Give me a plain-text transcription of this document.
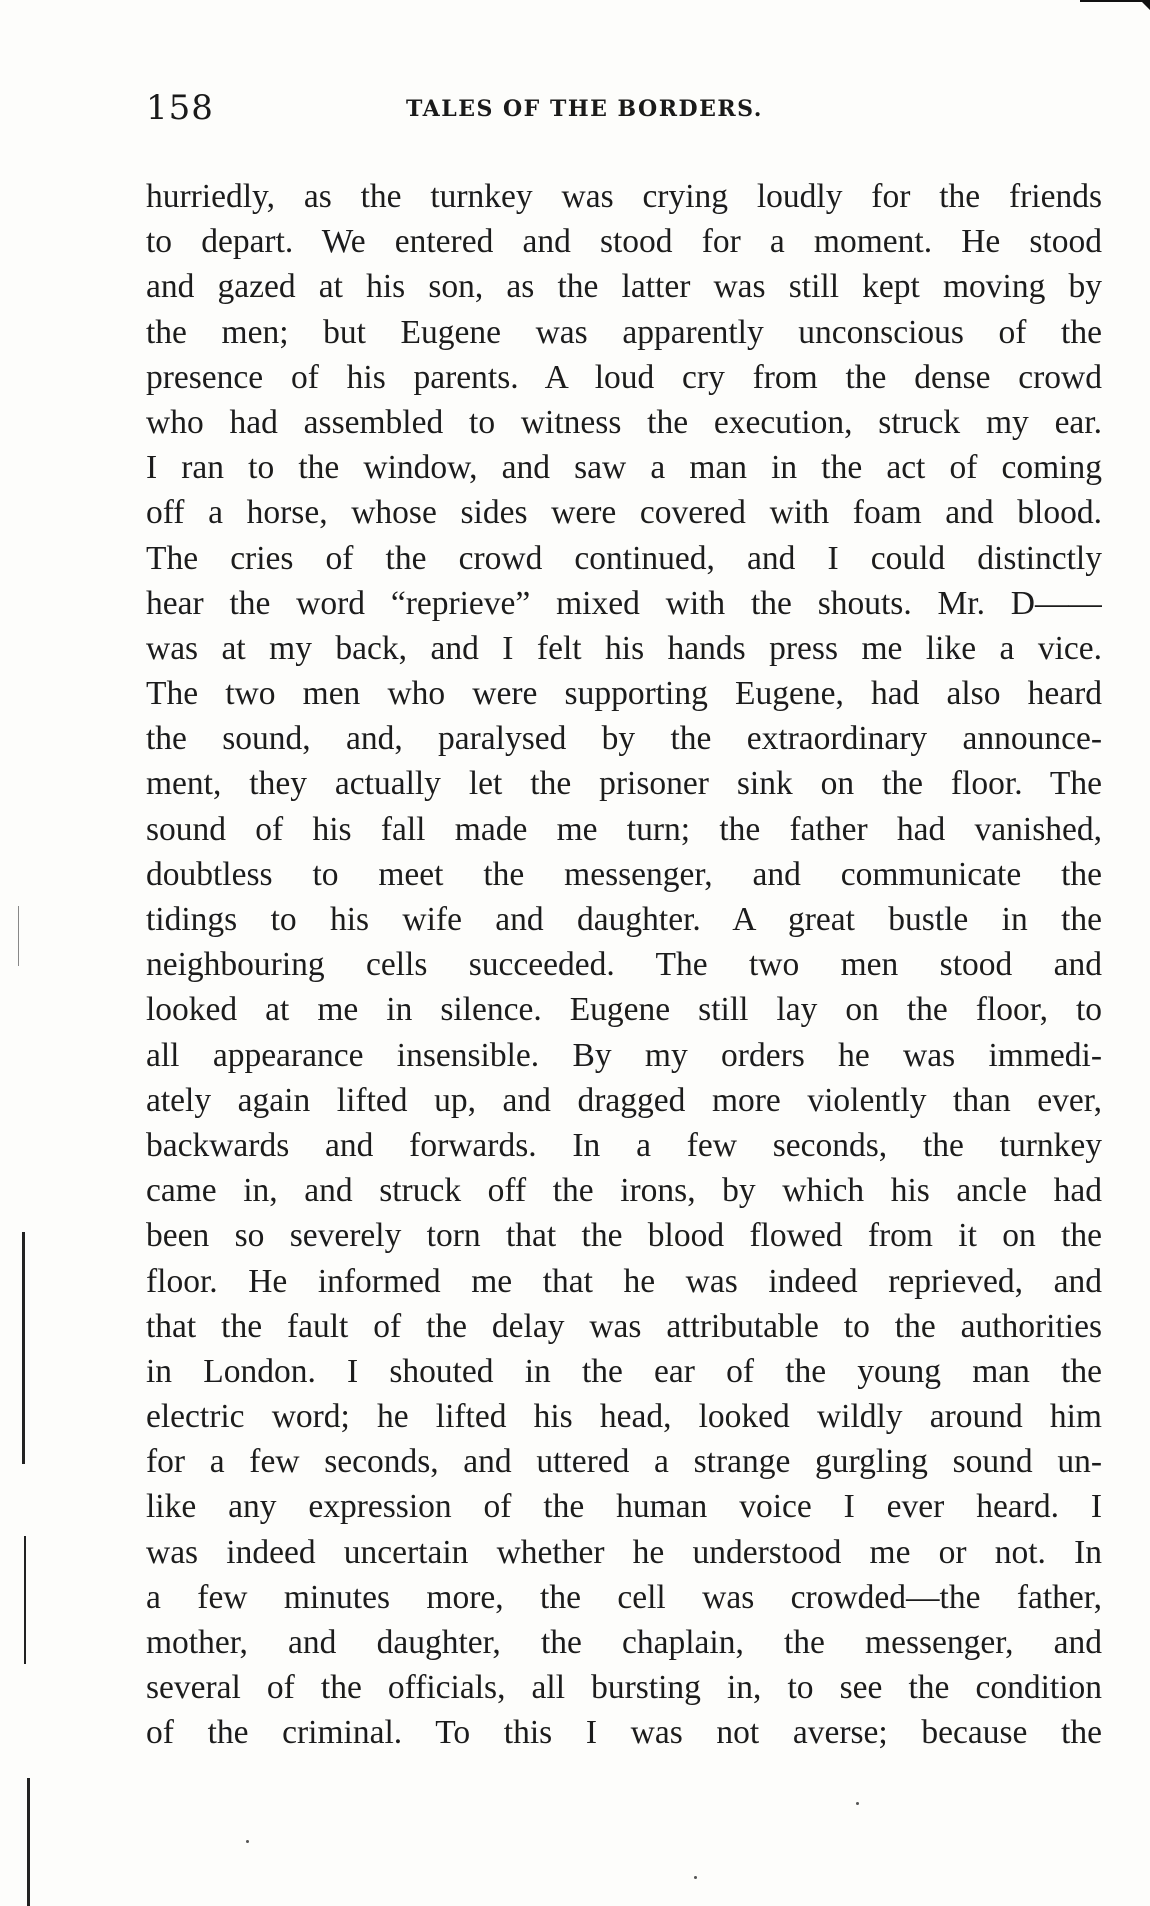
158	TALES OF THE BORDERS.
hurriedly, as the turnkey was crying loudly for the friends
to depart. We entered and stood for a moment. He stood
and gazed at his son, as the latter was still kept moving by
the men; but Eugene was apparently unconscious of the
presence of his parents. A loud cry from the dense crowd
who had assembled to witness the execution, struck my ear.
I ran to the window, and saw a man in the act of coming
off a horse, whose sides were covered with foam and blood.
The cries of the crowd continued, and I could distinctly
hear the word “reprieve” mixed with the shouts. Mr. D——
was at my back, and I felt his hands press me like a vice.
The two men who were supporting Eugene, had also heard
the sound, and, paralysed by the extraordinary announce-
ment, they actually let the prisoner sink on the floor. The
sound of his fall made me turn; the father had vanished,
doubtless to meet the messenger, and communicate the
tidings to his wife and daughter. A great bustle in the
neighbouring cells succeeded. The two men stood and
looked at me in silence. Eugene still lay on the floor, to
all appearance insensible. By my orders he was immedi-
ately again lifted up, and dragged more violently than ever,
backwards and forwards. In a few seconds, the turnkey
came in, and struck off the irons, by which his ancle had
been so severely torn that the blood flowed from it on the
floor. He informed me that he was indeed reprieved, and
that the fault of the delay was attributable to the authorities
in London. I shouted in the ear of the young man the
electric word; he lifted his head, looked wildly around him
for a few seconds, and uttered a strange gurgling sound un-
like any expression of the human voice I ever heard. I
was indeed uncertain whether he understood me or not. In
a few minutes more, the cell was crowded—the father,
mother, and daughter, the chaplain, the messenger, and
several of the officials, all bursting in, to see the condition
of the criminal. To this I was not averse; because the
